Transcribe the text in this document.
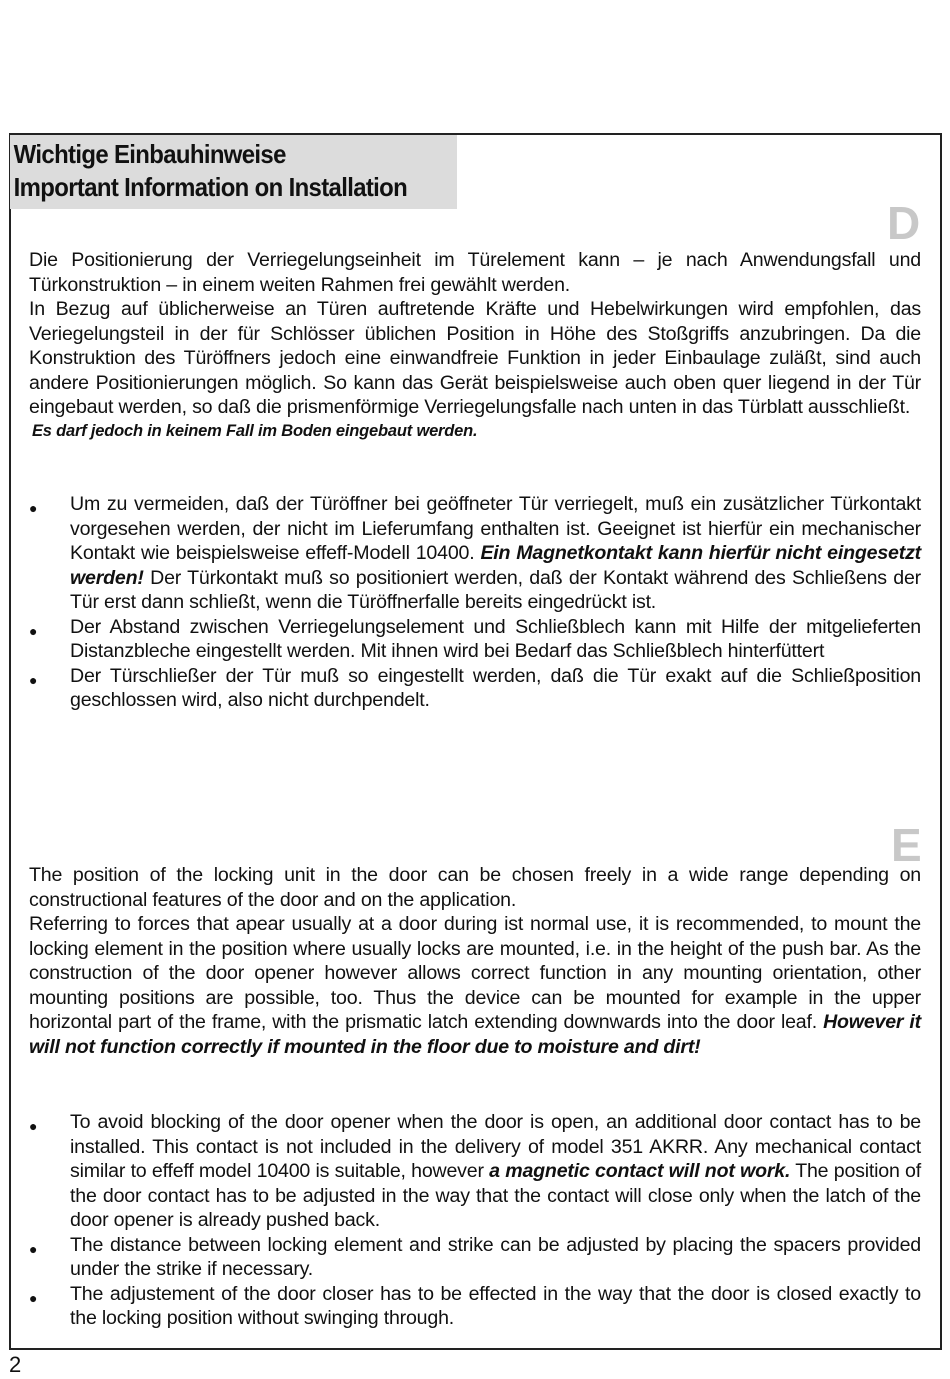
Wichtige Einbauhinweise
Important Information on Installation
D

Die Positionierung der Verriegelungseinheit im Türelement kann – je nach Anwendungsfall und Türkonstruktion – in einem weiten Rahmen frei gewählt werden.

In Bezug auf üblicherweise an Türen auftretende Kräfte und Hebelwirkungen wird empfohlen, das Veriegelungsteil in der für Schlösser üblichen Position in Höhe des Stoßgriffs anzubringen. Da die Konstruktion des Türöffners jedoch eine einwandfreie Funktion in jeder Einbaulage zuläßt, sind auch andere Positionierungen möglich. So kann das Gerät beispielsweise auch oben quer liegend in der Tür eingebaut werden, so daß die prismenförmige Verriegelungsfalle nach unten in das Türblatt ausschließt.

Es darf jedoch in keinem Fall im Boden eingebaut werden.
● Um zu vermeiden, daß der Türöffner bei geöffneter Tür verriegelt, muß ein zusätzlicher Türkontakt vorgesehen werden, der nicht im Lieferumfang enthalten ist. Geeignet ist hierfür ein mechanischer Kontakt wie beispielsweise effeff-Modell 10400. Ein Magnetkontakt kann hierfür nicht eingesetzt werden! Der Türkontakt muß so positioniert werden, daß der Kontakt während des Schließens der Tür erst dann schließt, wenn die Türöffnerfalle bereits eingedrückt ist.
● Der Abstand zwischen Verriegelungselement und Schließblech kann mit Hilfe der mitgelieferten Distanzbleche eingestellt werden. Mit ihnen wird bei Bedarf das Schließblech hinterfüttert
● Der Türschließer der Tür muß so eingestellt werden, daß die Tür exakt auf die Schließposition geschlossen wird, also nicht durchpendelt.
E

The position of the locking unit in the door can be chosen freely in a wide range depending on constructional features of the door and on the application.

Referring to forces that apear usually at a door during ist normal use, it is recommended, to mount the locking element in the position where usually locks are mounted, i.e. in the height of the push bar. As the construction of the door opener however allows correct function in any mounting orientation, other mounting positions are possible, too. Thus the device can be mounted for example in the upper horizontal part of the frame, with the prismatic latch extending downwards into the door leaf. However it will not function correctly if mounted in the floor due to moisture and dirt!

● To avoid blocking of the door opener when the door is open, an additional door contact has to be installed. This contact is not included in the delivery of model 351 AKRR. Any mechanical contact similar to effeff model 10400 is suitable, however a magnetic contact will not work. The position of the door contact has to be adjusted in the way that the contact will close only when the latch of the door opener is already pushed back.
● The distance between locking element and strike can be adjusted by placing the spacers provided under the strike if necessary.
● The adjustement of the door closer has to be effected in the way that the door is closed exactly to the locking position without swinging through.
2
